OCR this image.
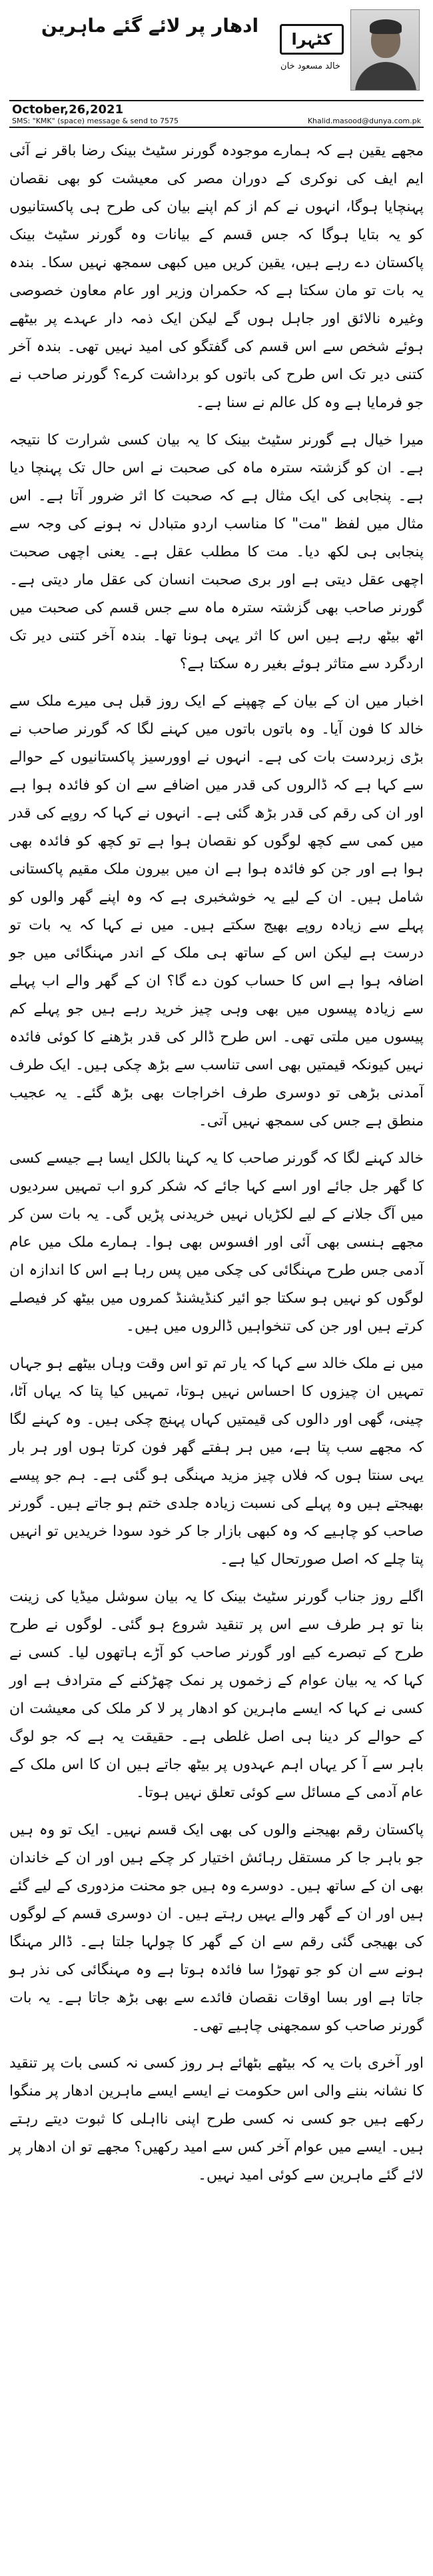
کٹہرا
خالد مسعود خان
ادھار پر لائے گئے ماہرین
October,26,2021
SMS: "KMK" (space) message & send to 7575	Khalid.masood@dunya.com.pk

مجھے یقین ہے کہ ہمارے موجودہ گورنر سٹیٹ بینک رضا باقر نے آئی ایم ایف کی نوکری کے دوران مصر کی معیشت کو بھی نقصان پہنچایا ہوگا، انہوں نے کم از کم اپنے بیان کی طرح ہی پاکستانیوں کو یہ بتایا ہوگا کہ جس قسم کے بیانات وہ گورنر سٹیٹ بینک پاکستان دے رہے ہیں، یقین کریں میں کبھی سمجھ نہیں سکا۔ بندہ یہ بات تو مان سکتا ہے کہ حکمران وزیر اور عام معاون خصوصی وغیرہ نالائق اور جاہل ہوں گے لیکن ایک ذمہ دار عہدے پر بیٹھے ہوئے شخص سے اس قسم کی گفتگو کی امید نہیں تھی۔ بندہ آخر کتنی دیر تک اس طرح کی باتوں کو برداشت کرے؟ گورنر صاحب نے جو فرمایا ہے وہ کل عالم نے سنا ہے۔

میرا خیال ہے گورنر سٹیٹ بینک کا یہ بیان کسی شرارت کا نتیجہ ہے۔ ان کو گزشتہ سترہ ماہ کی صحبت نے اس حال تک پہنچا دیا ہے۔ پنجابی کی ایک مثال ہے کہ صحبت کا اثر ضرور آتا ہے۔ اس مثال میں لفظ "مت" کا مناسب اردو متبادل نہ ہونے کی وجہ سے پنجابی ہی لکھ دیا۔ مت کا مطلب عقل ہے۔ یعنی اچھی صحبت اچھی عقل دیتی ہے اور بری صحبت انسان کی عقل مار دیتی ہے۔ گورنر صاحب بھی گزشتہ سترہ ماہ سے جس قسم کی صحبت میں اٹھ بیٹھ رہے ہیں اس کا اثر یہی ہونا تھا۔ بندہ آخر کتنی دیر تک اردگرد سے متاثر ہوئے بغیر رہ سکتا ہے؟

اخبار میں ان کے بیان کے چھپنے کے ایک روز قبل ہی میرے ملک سے خالد کا فون آیا۔ وہ باتوں باتوں میں کہنے لگا کہ گورنر صاحب نے بڑی زبردست بات کی ہے۔ انہوں نے اوورسیز پاکستانیوں کے حوالے سے کہا ہے کہ ڈالروں کی قدر میں اضافے سے ان کو فائدہ ہوا ہے اور ان کی رقم کی قدر بڑھ گئی ہے۔ انہوں نے کہا کہ روپے کی قدر میں کمی سے کچھ لوگوں کو نقصان ہوا ہے تو کچھ کو فائدہ بھی ہوا ہے اور جن کو فائدہ ہوا ہے ان میں بیرون ملک مقیم پاکستانی شامل ہیں۔ ان کے لیے یہ خوشخبری ہے کہ وہ اپنے گھر والوں کو پہلے سے زیادہ روپے بھیج سکتے ہیں۔ میں نے کہا کہ یہ بات تو درست ہے لیکن اس کے ساتھ ہی ملک کے اندر مہنگائی میں جو اضافہ ہوا ہے اس کا حساب کون دے گا؟ ان کے گھر والے اب پہلے سے زیادہ پیسوں میں بھی وہی چیز خرید رہے ہیں جو پہلے کم پیسوں میں ملتی تھی۔ اس طرح ڈالر کی قدر بڑھنے کا کوئی فائدہ نہیں کیونکہ قیمتیں بھی اسی تناسب سے بڑھ چکی ہیں۔ ایک طرف آمدنی بڑھی تو دوسری طرف اخراجات بھی بڑھ گئے۔ یہ عجیب منطق ہے جس کی سمجھ نہیں آتی۔

خالد کہنے لگا کہ گورنر صاحب کا یہ کہنا بالکل ایسا ہے جیسے کسی کا گھر جل جائے اور اسے کہا جائے کہ شکر کرو اب تمہیں سردیوں میں آگ جلانے کے لیے لکڑیاں نہیں خریدنی پڑیں گی۔ یہ بات سن کر مجھے ہنسی بھی آئی اور افسوس بھی ہوا۔ ہمارے ملک میں عام آدمی جس طرح مہنگائی کی چکی میں پس رہا ہے اس کا اندازہ ان لوگوں کو نہیں ہو سکتا جو ائیر کنڈیشنڈ کمروں میں بیٹھ کر فیصلے کرتے ہیں اور جن کی تنخواہیں ڈالروں میں ہیں۔

میں نے ملک خالد سے کہا کہ یار تم تو اس وقت وہاں بیٹھے ہو جہاں تمہیں ان چیزوں کا احساس نہیں ہوتا، تمہیں کیا پتا کہ یہاں آٹا، چینی، گھی اور دالوں کی قیمتیں کہاں پہنچ چکی ہیں۔ وہ کہنے لگا کہ مجھے سب پتا ہے، میں ہر ہفتے گھر فون کرتا ہوں اور ہر بار یہی سنتا ہوں کہ فلاں چیز مزید مہنگی ہو گئی ہے۔ ہم جو پیسے بھیجتے ہیں وہ پہلے کی نسبت زیادہ جلدی ختم ہو جاتے ہیں۔ گورنر صاحب کو چاہیے کہ وہ کبھی بازار جا کر خود سودا خریدیں تو انہیں پتا چلے کہ اصل صورتحال کیا ہے۔

اگلے روز جناب گورنر سٹیٹ بینک کا یہ بیان سوشل میڈیا کی زینت بنا تو ہر طرف سے اس پر تنقید شروع ہو گئی۔ لوگوں نے طرح طرح کے تبصرے کیے اور گورنر صاحب کو آڑے ہاتھوں لیا۔ کسی نے کہا کہ یہ بیان عوام کے زخموں پر نمک چھڑکنے کے مترادف ہے اور کسی نے کہا کہ ایسے ماہرین کو ادھار پر لا کر ملک کی معیشت ان کے حوالے کر دینا ہی اصل غلطی ہے۔ حقیقت یہ ہے کہ جو لوگ باہر سے آ کر یہاں اہم عہدوں پر بیٹھ جاتے ہیں ان کا اس ملک کے عام آدمی کے مسائل سے کوئی تعلق نہیں ہوتا۔

پاکستان رقم بھیجنے والوں کی بھی ایک قسم نہیں۔ ایک تو وہ ہیں جو باہر جا کر مستقل رہائش اختیار کر چکے ہیں اور ان کے خاندان بھی ان کے ساتھ ہیں۔ دوسرے وہ ہیں جو محنت مزدوری کے لیے گئے ہیں اور ان کے گھر والے یہیں رہتے ہیں۔ ان دوسری قسم کے لوگوں کی بھیجی گئی رقم سے ان کے گھر کا چولہا جلتا ہے۔ ڈالر مہنگا ہونے سے ان کو جو تھوڑا سا فائدہ ہوتا ہے وہ مہنگائی کی نذر ہو جاتا ہے اور بسا اوقات نقصان فائدے سے بھی بڑھ جاتا ہے۔ یہ بات گورنر صاحب کو سمجھنی چاہیے تھی۔

اور آخری بات یہ کہ بیٹھے بٹھائے ہر روز کسی نہ کسی بات پر تنقید کا نشانہ بننے والی اس حکومت نے ایسے ایسے ماہرین ادھار پر منگوا رکھے ہیں جو کسی نہ کسی طرح اپنی نااہلی کا ثبوت دیتے رہتے ہیں۔ ایسے میں عوام آخر کس سے امید رکھیں؟ مجھے تو ان ادھار پر لائے گئے ماہرین سے کوئی امید نہیں۔
